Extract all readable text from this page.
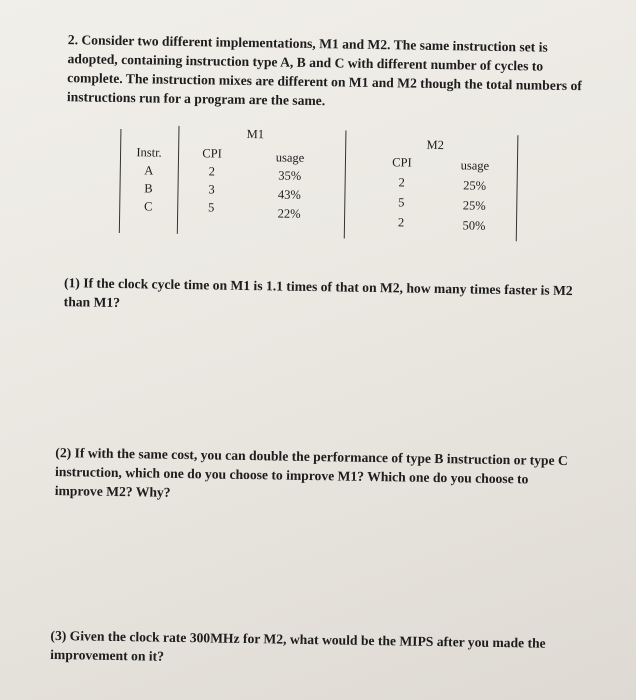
2. Consider two different implementations, M1 and M2. The same instruction set is adopted, containing instruction type A, B and C with different number of cycles to complete. The instruction mixes are different on M1 and M2 though the total numbers of instructions run for a program are the same.

M1
M2
Instr.
A
B
C
CPI
2
3
5
usage
35%
43%
22%
CPI
2
5
2
usage
25%
25%
50%

(1) If the clock cycle time on M1 is 1.1 times of that on M2, how many times faster is M2 than M1?

(2) If with the same cost, you can double the performance of type B instruction or type C instruction, which one do you choose to improve M1? Which one do you choose to improve M2? Why?

(3) Given the clock rate 300MHz for M2, what would be the MIPS after you made the improvement on it?
